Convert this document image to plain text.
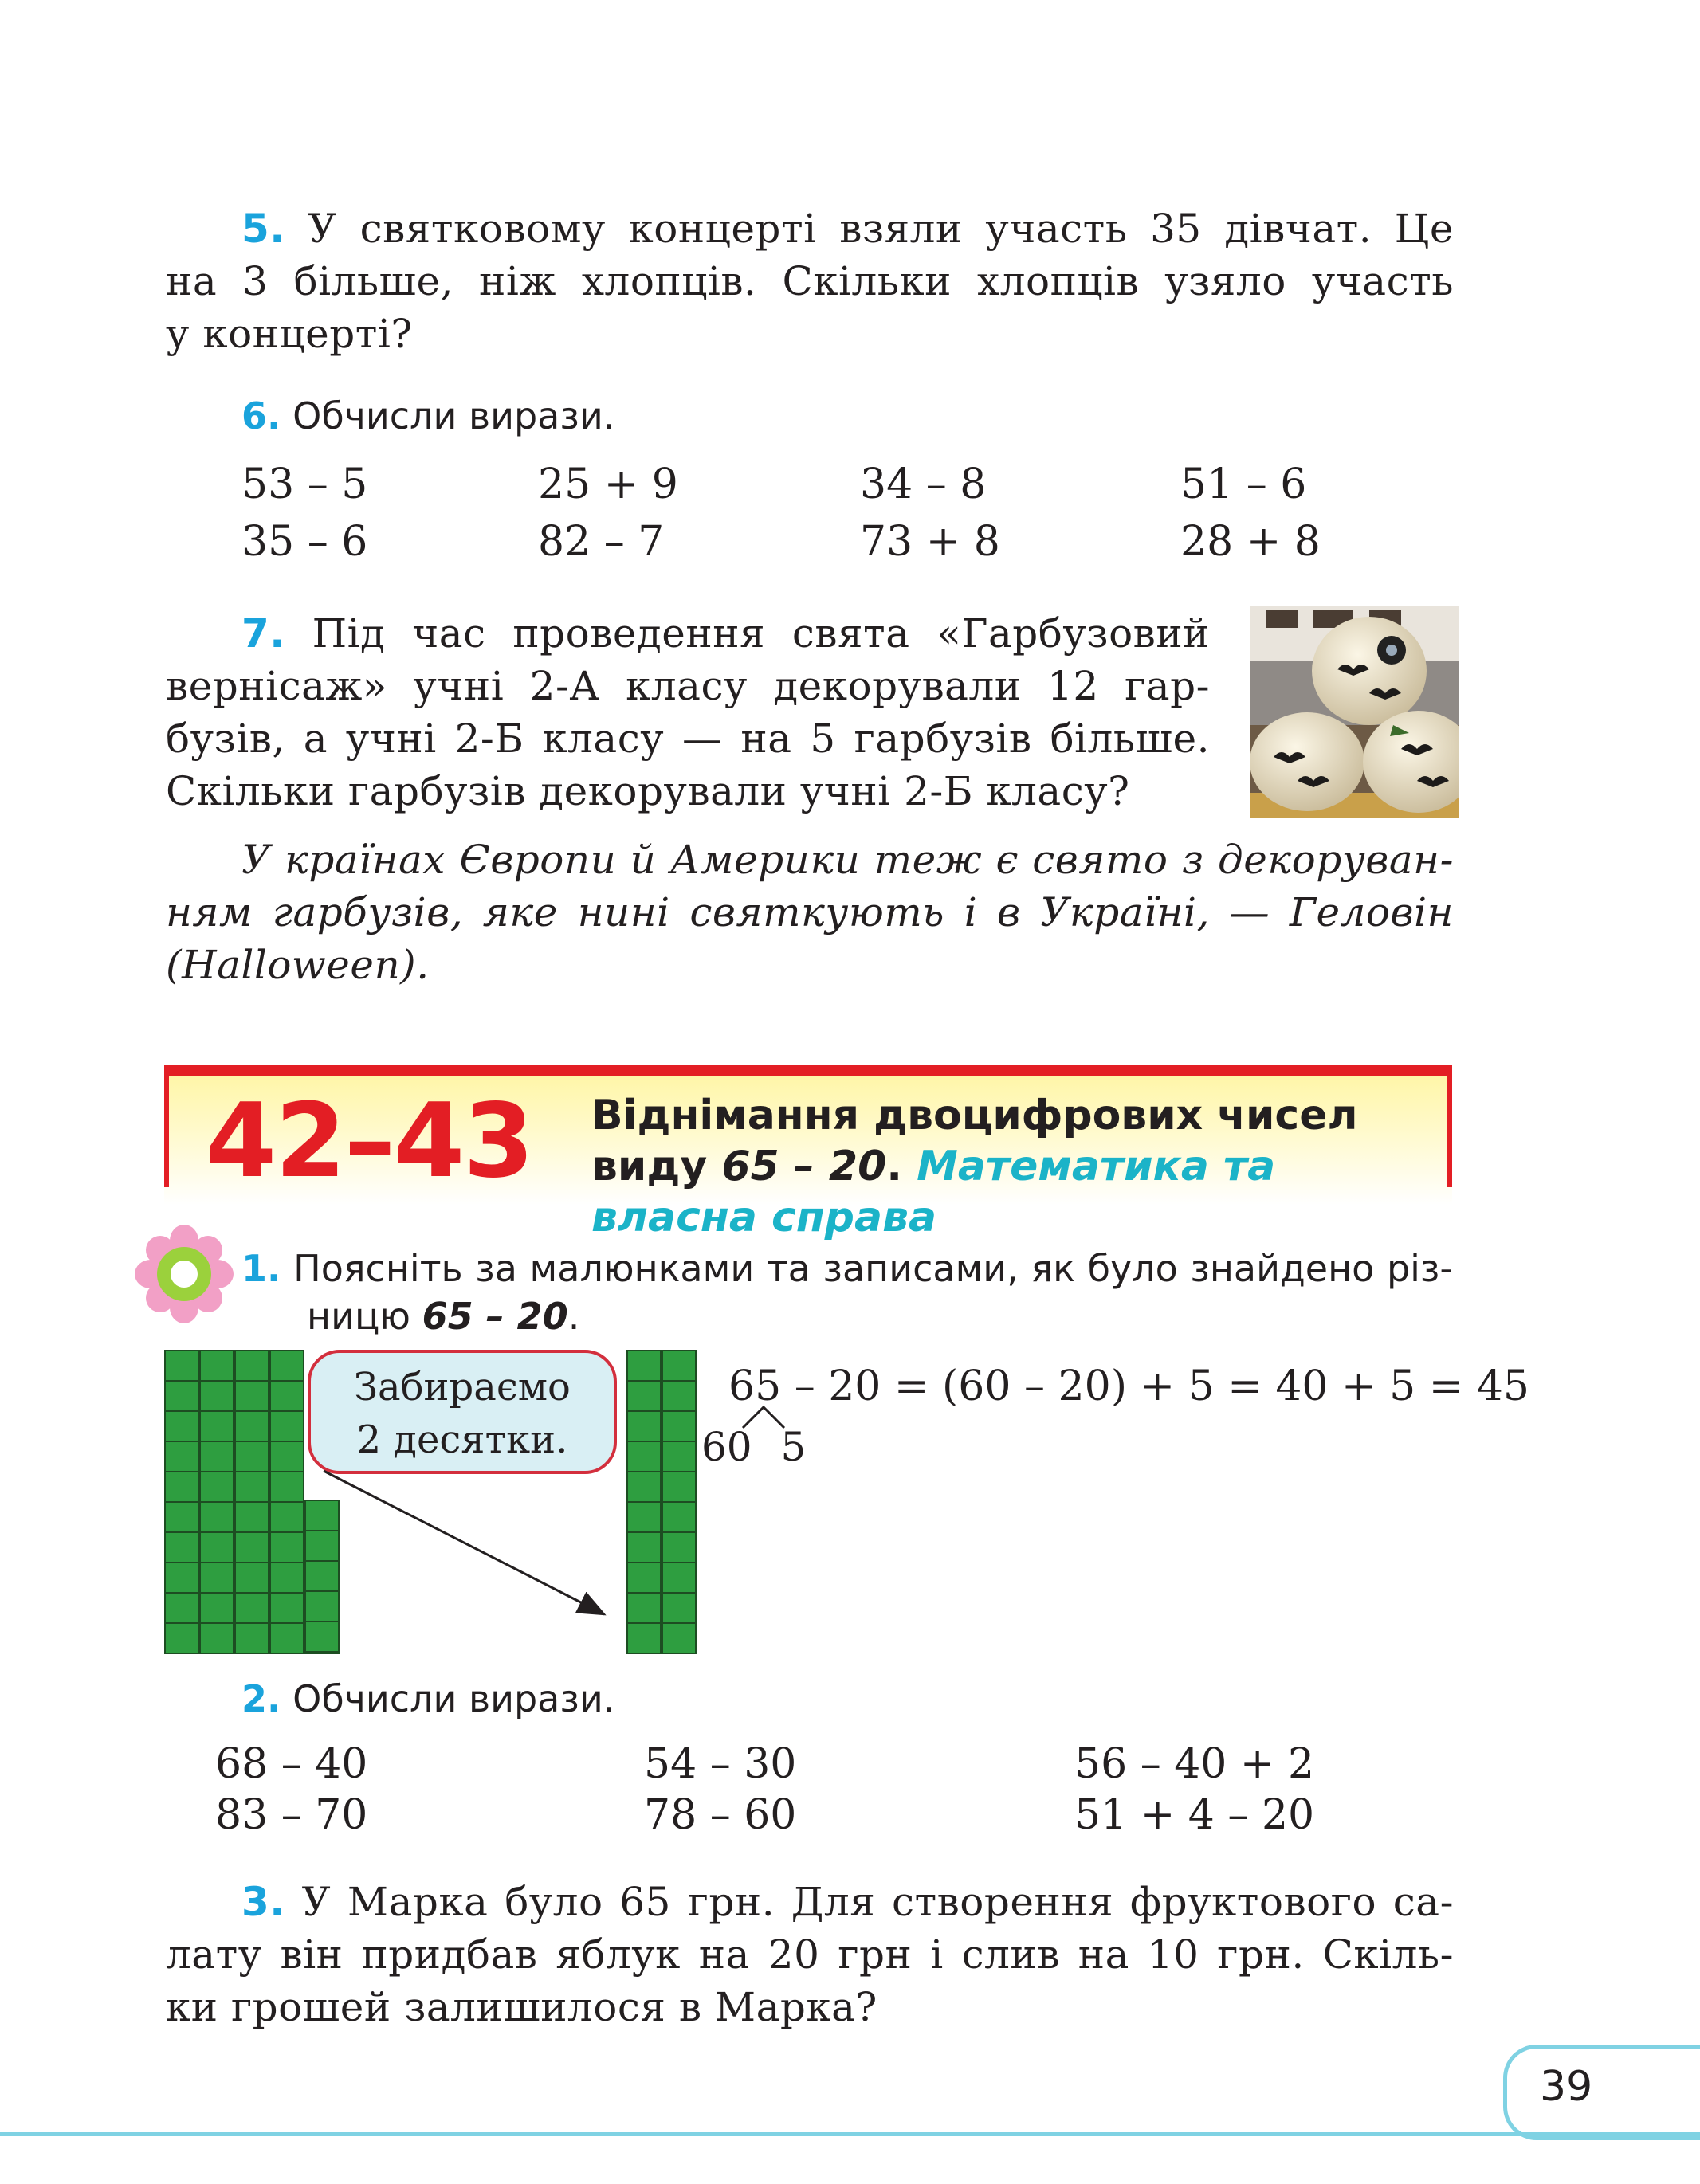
5. У святковому концерті взяли участь 35 дівчат. Це
на 3 більше, ніж хлопців. Скільки хлопців узяло участь
у концерті?
6. Обчисли вирази.
53 – 5	25 + 9	34 – 8	51 – 6
35 – 6	82 – 7	73 + 8	28 + 8
7. Під час проведення свята «Гарбузовий
вернісаж» учні 2-А класу декорували 12 гар-
бузів, а учні 2-Б класу — на 5 гарбузів більше.
Скільки гарбузів декорували учні 2-Б класу?
У країнах Європи й Америки теж є свято з декоруван-
ням гарбузів, яке нині святкують і в Україні, — Геловін
(Halloween).
42–43 Віднімання двоцифрових чисел
виду 65 – 20. Математика та
власна справа
1. Поясніть за малюнками та записами, як було знайдено різ-
ницю 65 – 20.
Забираємо
2 десятки.
65 – 20 = (60 – 20) + 5 = 40 + 5 = 45
60 5
2. Обчисли вирази.
68 – 40	54 – 30	56 – 40 + 2
83 – 70	78 – 60	51 + 4 – 20
3. У Марка було 65 грн. Для створення фруктового са-
лату він придбав яблук на 20 грн і слив на 10 грн. Скіль-
ки грошей залишилося в Марка?
39
